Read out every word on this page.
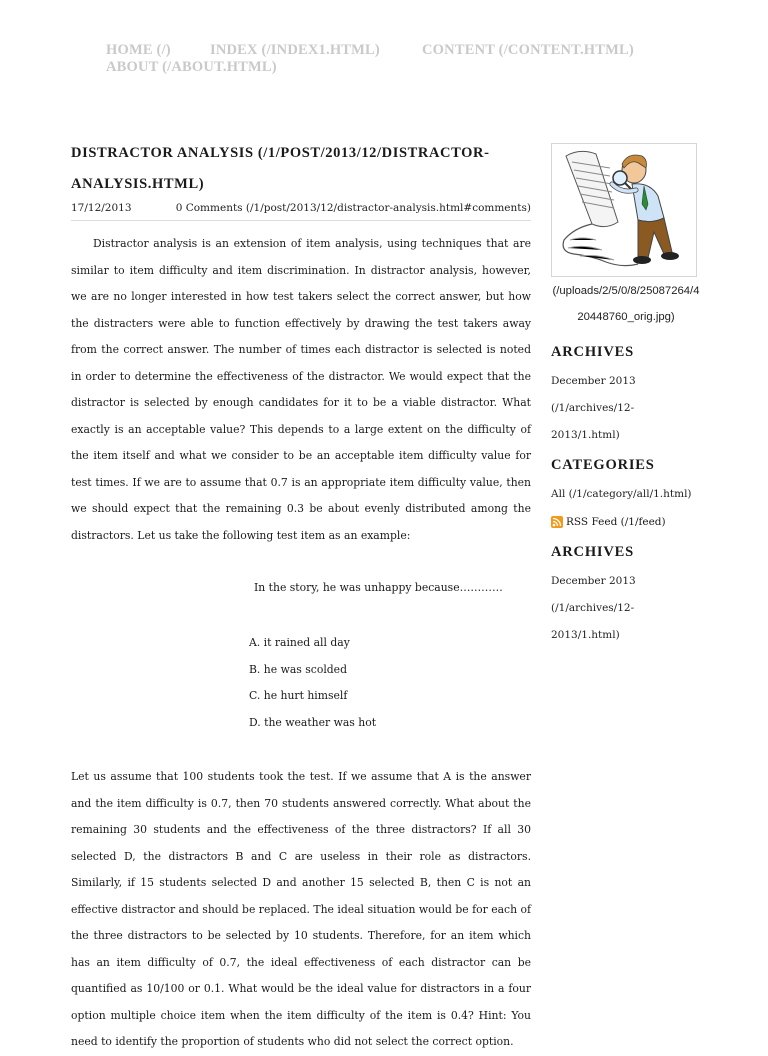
HOME (/)	INDEX (/INDEX1.HTML)	CONTENT (/CONTENT.HTML)
ABOUT (/ABOUT.HTML)
DISTRACTOR ANALYSIS (/1/POST/2013/12/DISTRACTOR-
ANALYSIS.HTML)
17/12/2013	0 Comments (/1/post/2013/12/distractor-analysis.html#comments)

Distractor analysis is an extension of item analysis, using techniques that are similar to item difficulty and item discrimination. In distractor analysis, however, we are no longer interested in how test takers select the correct answer, but how the distracters were able to function effectively by drawing the test takers away from the correct answer. The number of times each distractor is selected is noted in order to determine the effectiveness of the distractor. We would expect that the distractor is selected by enough candidates for it to be a viable distractor. What exactly is an acceptable value? This depends to a large extent on the difficulty of the item itself and what we consider to be an acceptable item difficulty value for test times. If we are to assume that 0.7 is an appropriate item difficulty value, then we should expect that the remaining 0.3 be about evenly distributed among the distractors. Let us take the following test item as an example:

In the story, he was unhappy because…………

A. it rained all day
B. he was scolded
C. he hurt himself
D. the weather was hot

Let us assume that 100 students took the test. If we assume that A is the answer and the item difficulty is 0.7, then 70 students answered correctly. What about the remaining 30 students and the effectiveness of the three distractors? If all 30 selected D, the distractors B and C are useless in their role as distractors. Similarly, if 15 students selected D and another 15 selected B, then C is not an effective distractor and should be replaced. The ideal situation would be for each of the three distractors to be selected by 10 students. Therefore, for an item which has an item difficulty of 0.7, the ideal effectiveness of each distractor can be quantified as 10/100 or 0.1. What would be the ideal value for distractors in a four option multiple choice item when the item difficulty of the item is 0.4? Hint: You need to identify the proportion of students who did not select the correct option.

(/uploads/2/5/0/8/25087264/420448760_orig.jpg)

ARCHIVES
December 2013 (/1/archives/12-2013/1.html)
CATEGORIES
All (/1/category/all/1.html)
RSS Feed (/1/feed)
ARCHIVES
December 2013 (/1/archives/12-2013/1.html)
